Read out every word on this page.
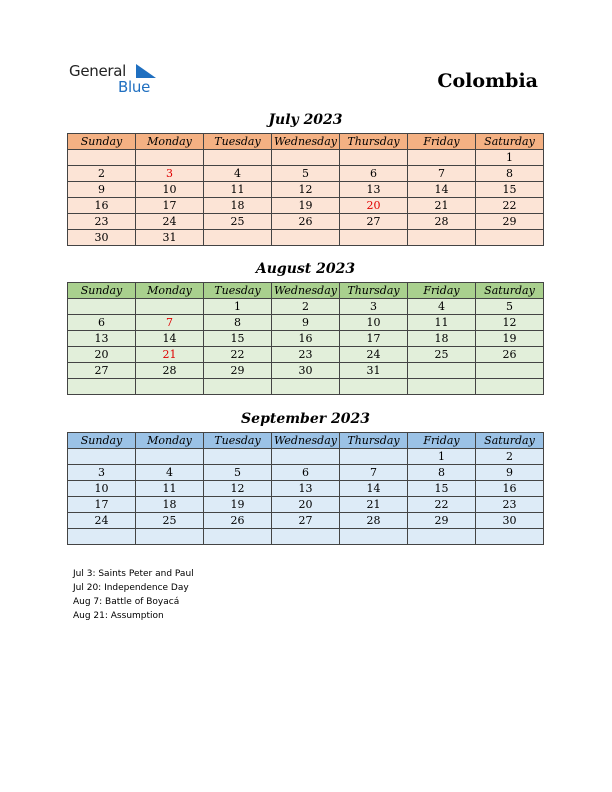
General
Blue	Colombia
July 2023
Sunday	Monday	Tuesday	Wednesday	Thursday	Friday	Saturday
						1
2	3	4	5	6	7	8
9	10	11	12	13	14	15
16	17	18	19	20	21	22
23	24	25	26	27	28	29
30	31					
August 2023
Sunday	Monday	Tuesday	Wednesday	Thursday	Friday	Saturday
		1	2	3	4	5
6	7	8	9	10	11	12
13	14	15	16	17	18	19
20	21	22	23	24	25	26
27	28	29	30	31		

September 2023
Sunday	Monday	Tuesday	Wednesday	Thursday	Friday	Saturday
					1	2
3	4	5	6	7	8	9
10	11	12	13	14	15	16
17	18	19	20	21	22	23
24	25	26	27	28	29	30

Jul 3: Saints Peter and Paul
Jul 20: Independence Day
Aug 7: Battle of Boyacá
Aug 21: Assumption
